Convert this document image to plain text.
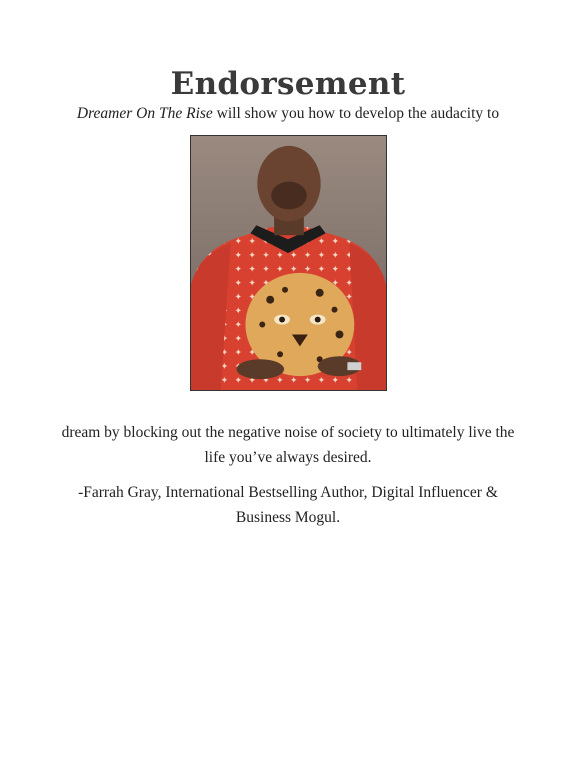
Endorsement
Dreamer On The Rise will show you how to develop the audacity to
dream by blocking out the negative noise of society to ultimately live the life you’ve always desired.
-Farrah Gray, International Bestselling Author, Digital Influencer & Business Mogul.
